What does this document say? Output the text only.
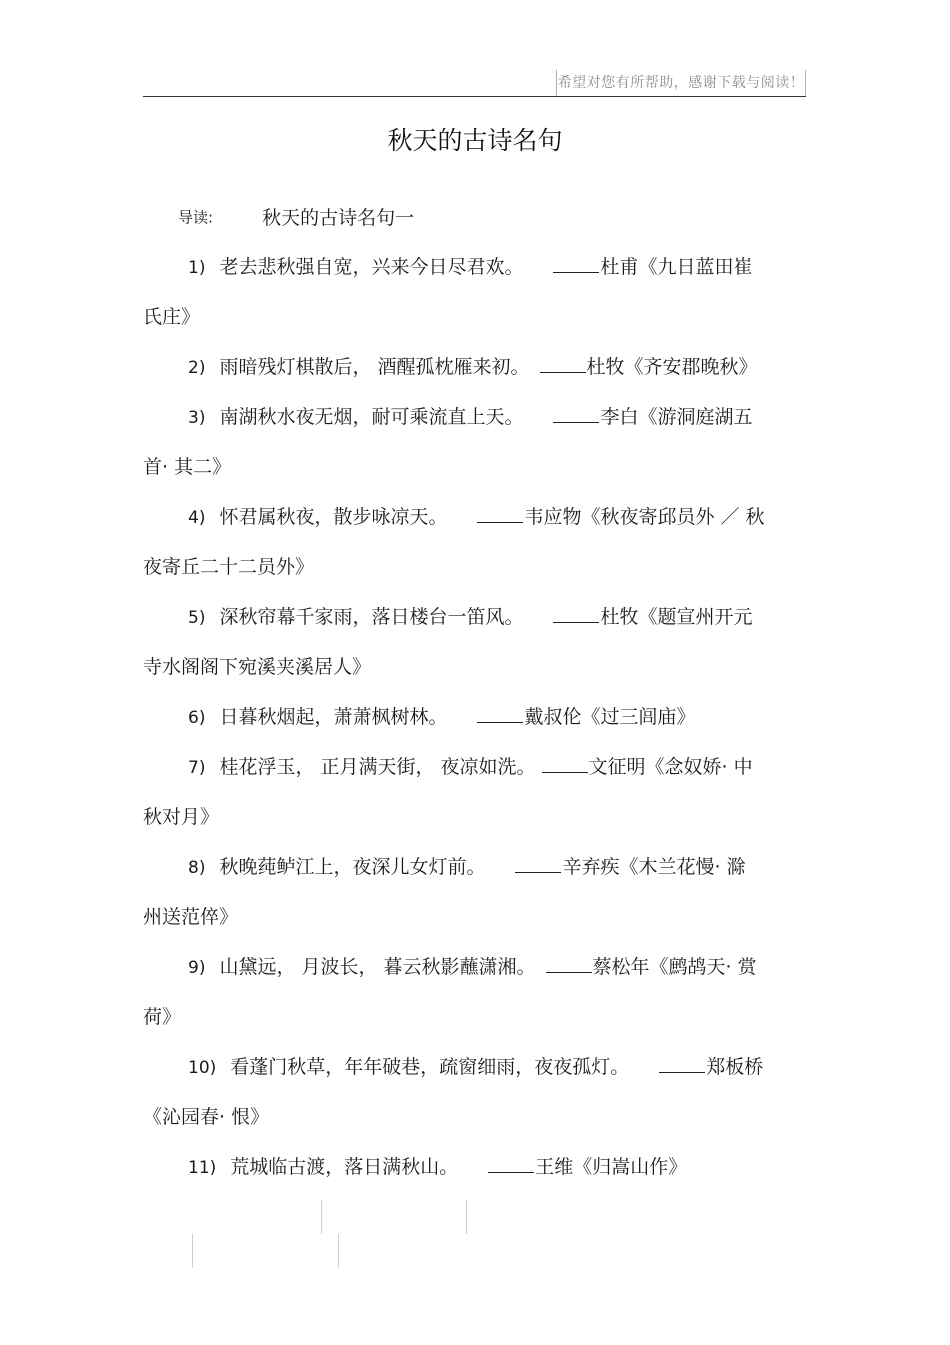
希望对您有所帮助，感谢下载与阅读！
秋天的古诗名句
导读:	秋天的古诗名句一
1) 老去悲秋强自宽，兴来今日尽君欢。	杜甫《九日蓝田崔
氏庄》
2) 雨暗残灯棋散后， 酒醒孤枕雁来初。	杜牧《齐安郡晚秋》
3) 南湖秋水夜无烟，耐可乘流直上天。	李白《游洞庭湖五
首· 其二》
4) 怀君属秋夜，散步咏凉天。	韦应物《秋夜寄邱员外 ／ 秋
夜寄丘二十二员外》
5) 深秋帘幕千家雨，落日楼台一笛风。	杜牧《题宣州开元
寺水阁阁下宛溪夹溪居人》
6) 日暮秋烟起，萧萧枫树林。	戴叔伦《过三闾庙》
7) 桂花浮玉， 正月满天街， 夜凉如洗。	文征明《念奴娇· 中
秋对月》
8) 秋晚莼鲈江上，夜深儿女灯前。	辛弃疾《木兰花慢· 滁
州送范倅》
9) 山黛远， 月波长， 暮云秋影蘸潇湘。	蔡松年《鹧鸪天· 赏
荷》
10) 看蓬门秋草，年年破巷，疏窗细雨，夜夜孤灯。	郑板桥
《沁园春· 恨》
11) 荒城临古渡，落日满秋山。	王维《归嵩山作》
